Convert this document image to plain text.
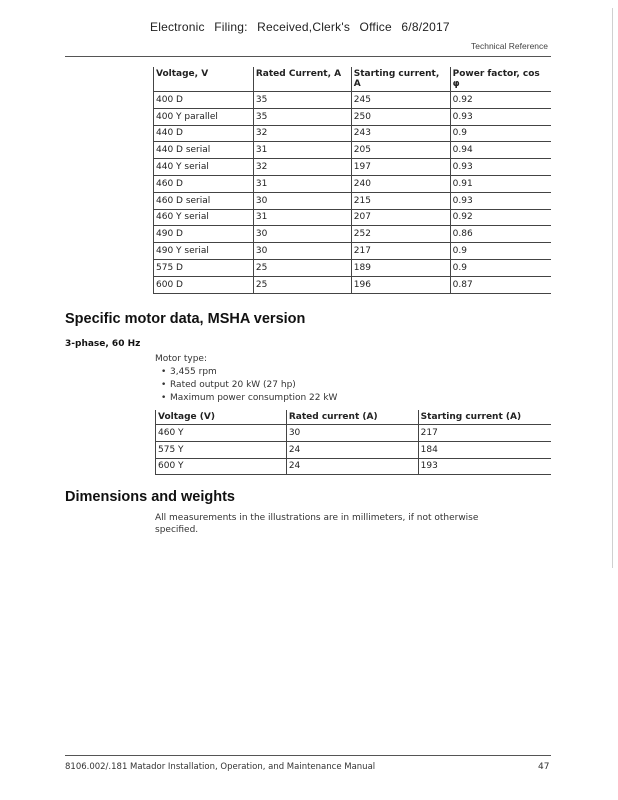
Electronic Filing: Received,Clerk's Office 6/8/2017
Technical Reference
Voltage, V	Rated Current, A	Starting current, A	Power factor, cos φ
400 D	35	245	0.92
400 Y parallel	35	250	0.93
440 D	32	243	0.9
440 D serial	31	205	0.94
440 Y serial	32	197	0.93
460 D	31	240	0.91
460 D serial	30	215	0.93
460 Y serial	31	207	0.92
490 D	30	252	0.86
490 Y serial	30	217	0.9
575 D	25	189	0.9
600 D	25	196	0.87
Specific motor data, MSHA version
3-phase, 60 Hz
Motor type:
• 3,455 rpm
• Rated output 20 kW (27 hp)
• Maximum power consumption 22 kW
Voltage (V)	Rated current (A)	Starting current (A)
460 Y	30	217
575 Y	24	184
600 Y	24	193
Dimensions and weights
All measurements in the illustrations are in millimeters, if not otherwise specified.
8106.002/.181 Matador Installation, Operation, and Maintenance Manual	47
